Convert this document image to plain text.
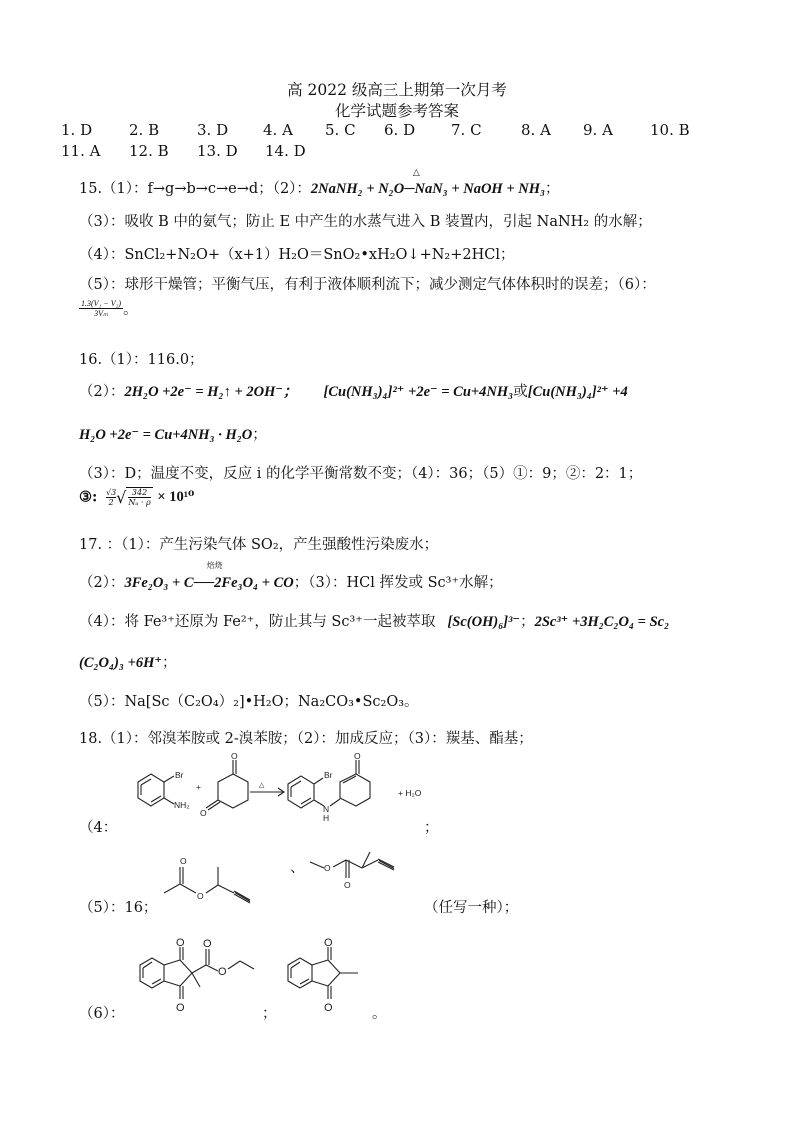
高 2022 级高三上期第一次月考
化学试题参考答案
1. D 2. B	3. D 4. A 5. C 6. D 7. C	8. A 9. A 10. B
11. A 12. B 13. D 14. D
15.（1）：f→g→b→c→e→d；（2）：2NaNH₂ + N₂O─NaN₃ + NaOH + NH₃
△
；
（3）：吸收 B 中的氨气；防止 E 中产生的水蒸气进入 B 装置内，引起 NaNH₂ 的水解；
（4）：SnCl₂+N₂O+（x+1）H₂O＝SnO₂•xH₂O↓+N₂+2HCl；
（5）：球形干燥管；平衡气压，有利于液体顺利流下；减少测定气体体积时的误差；（6）：
$\frac{\text{1.3(V₁ − V₂)}}{\text{3Vₘ}}$ 。
16.（1）：116.0；
（2）：2H₂O +2e⁻ = H₂↑ + 2OH⁻； [Cu(NH₃)₄]²⁺ +2e⁻ = Cu+4NH₃或[Cu(NH₃)₄]²⁺ +4
H₂O +2e⁻ = Cu+4NH₃ · H₂O；
（3）：D；温度不变，反应 i 的化学平衡常数不变；（4）：36；（5）①：9；②：2：1；
③: $\frac{√3}{2}$ √ $\frac{342}{\text{Nₐ · ρ}} \times 10^{10}$
17. ：（1）：产生污染气体 SO₂，产生强酸性污染废水；
（2）：3Fe₂O₃ + C──2Fe₃O₄ + CO
焙烧
；（3）：HCl 挥发或 Sc³⁺水解；
（4）：将 Fe³⁺还原为 Fe²⁺，防止其与 Sc³⁺一起被萃取 [Sc(OH)₆]³⁻；2Sc³⁺ +3H₂C₂O₄ = Sc₂
(C₂O₄)₃ +6H⁺；
（5）：Na[Sc（C₂O₄）₂]•H₂O；Na₂CO₃•Sc₂O₃。
18.（1）：邻溴苯胺或 2-溴苯胺；（2）：加成反应；（3）：羰基、酯基；
Br
NH₂
+
O
O
△
Br
N
H
O
+ H₂O
（4：	；
O
O
O
O
（5）：16；
、
（任写一种）；
O
O
O
O
O
O
（6）：	；	。
